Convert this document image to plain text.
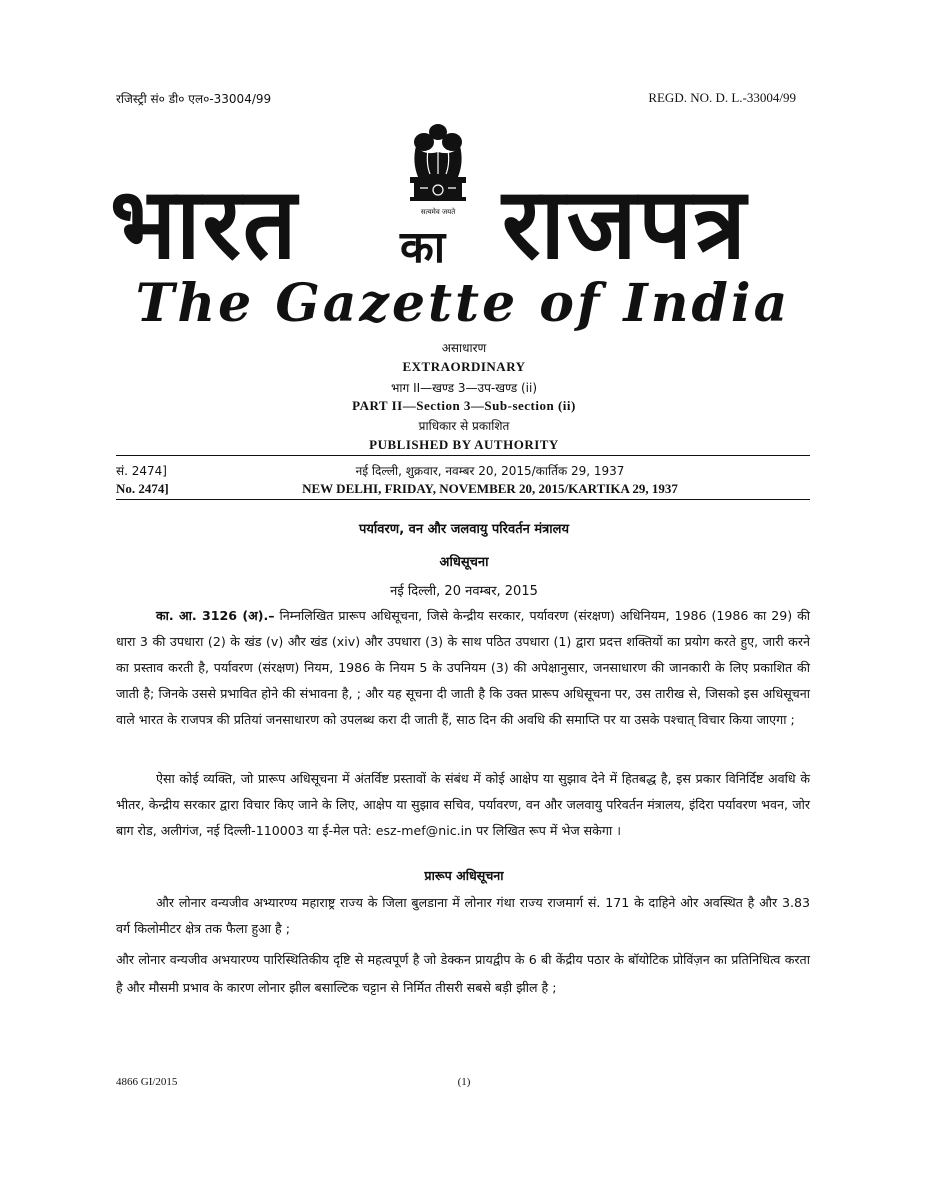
रजिस्ट्री सं० डी० एल०-33004/99	REGD. NO. D. L.-33004/99
सत्यमेव जयते
भारत का राजपत्र
The Gazette of India
असाधारण
EXTRAORDINARY
भाग II—खण्ड 3—उप-खण्ड (ii)
PART II—Section 3—Sub-section (ii)
प्राधिकार से प्रकाशित
PUBLISHED BY AUTHORITY
सं. 2474]	नई दिल्ली, शुक्रवार, नवम्बर 20, 2015/कार्तिक 29, 1937
No. 2474]	NEW DELHI, FRIDAY, NOVEMBER 20, 2015/KARTIKA 29, 1937
पर्यावरण, वन और जलवायु परिवर्तन मंत्रालय
अधिसूचना
नई दिल्ली, 20 नवम्बर, 2015
का. आ. 3126 (अ).– निम्नलिखित प्रारूप अधिसूचना, जिसे केन्द्रीय सरकार, पर्यावरण (संरक्षण) अधिनियम, 1986 (1986 का 29) की धारा 3 की उपधारा (2) के खंड (v) और खंड (xiv) और उपधारा (3) के साथ पठित उपधारा (1) द्वारा प्रदत्त शक्तियों का प्रयोग करते हुए, जारी करने का प्रस्ताव करती है, पर्यावरण (संरक्षण) नियम, 1986 के नियम 5 के उपनियम (3) की अपेक्षानुसार, जनसाधारण की जानकारी के लिए प्रकाशित की जाती है; जिनके उससे प्रभावित होने की संभावना है, ; और यह सूचना दी जाती है कि उक्त प्रारूप अधिसूचना पर, उस तारीख से, जिसको इस अधिसूचना वाले भारत के राजपत्र की प्रतियां जनसाधारण को उपलब्ध करा दी जाती हैं, साठ दिन की अवधि की समाप्ति पर या उसके पश्चात् विचार किया जाएगा ;
ऐसा कोई व्यक्ति, जो प्रारूप अधिसूचना में अंतर्विष्ट प्रस्तावों के संबंध में कोई आक्षेप या सुझाव देने में हितबद्ध है, इस प्रकार विनिर्दिष्ट अवधि के भीतर, केन्द्रीय सरकार द्वारा विचार किए जाने के लिए, आक्षेप या सुझाव सचिव, पर्यावरण, वन और जलवायु परिवर्तन मंत्रालय, इंदिरा पर्यावरण भवन, जोर बाग रोड, अलीगंज, नई दिल्ली-110003 या ई-मेल पते: esz-mef@nic.in पर लिखित रूप में भेज सकेगा ।
प्रारूप अधिसूचना
और लोनार वन्यजीव अभ्यारण्य महाराष्ट्र राज्य के जिला बुलडाना में लोनार गंथा राज्य राजमार्ग सं. 171 के दाहिने ओर अवस्थित है और 3.83 वर्ग किलोमीटर क्षेत्र तक फैला हुआ है ;
और लोनार वन्यजीव अभयारण्य पारिस्थितिकीय दृष्टि से महत्वपूर्ण है जो डेक्कन प्रायद्वीप के 6 बी केंद्रीय पठार के बॉयोटिक प्रोविंज़न का प्रतिनिधित्व करता है और मौसमी प्रभाव के कारण लोनार झील बसाल्टिक चट्टान से निर्मित तीसरी सबसे बड़ी झील है ;
4866 GI/2015	(1)
